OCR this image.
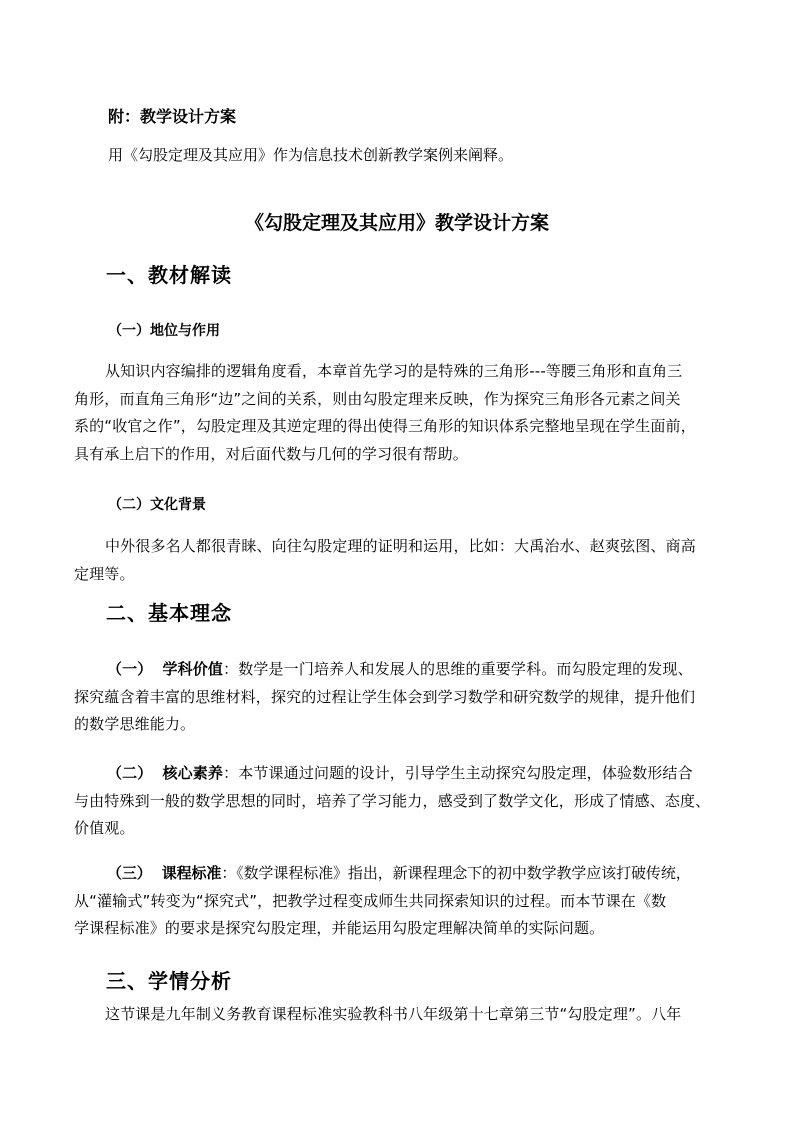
附：教学设计方案
用《勾股定理及其应用》作为信息技术创新教学案例来阐释。
《勾股定理及其应用》教学设计方案
一、教材解读
（一）地位与作用
从知识内容编排的逻辑角度看，本章首先学习的是特殊的三角形---等腰三角形和直角三
角形，而直角三角形“边”之间的关系，则由勾股定理来反映，作为探究三角形各元素之间关
系的“收官之作”，勾股定理及其逆定理的得出使得三角形的知识体系完整地呈现在学生面前，
具有承上启下的作用，对后面代数与几何的学习很有帮助。
（二）文化背景
中外很多名人都很青睐、向往勾股定理的证明和运用，比如：大禹治水、赵爽弦图、商高
定理等。
二、基本理念
（一） 学科价值：数学是一门培养人和发展人的思维的重要学科。而勾股定理的发现、
探究蕴含着丰富的思维材料，探究的过程让学生体会到学习数学和研究数学的规律，提升他们
的数学思维能力。
（二） 核心素养：本节课通过问题的设计，引导学生主动探究勾股定理，体验数形结合
与由特殊到一般的数学思想的同时，培养了学习能力，感受到了数学文化，形成了情感、态度、
价值观。
（三） 课程标准：《数学课程标准》指出，新课程理念下的初中数学教学应该打破传统，
从“灌输式”转变为“探究式”，把教学过程变成师生共同探索知识的过程。而本节课在《数
学课程标准》的要求是探究勾股定理，并能运用勾股定理解决简单的实际问题。
三、学情分析
这节课是九年制义务教育课程标准实验教科书八年级第十七章第三节“勾股定理”。八年
